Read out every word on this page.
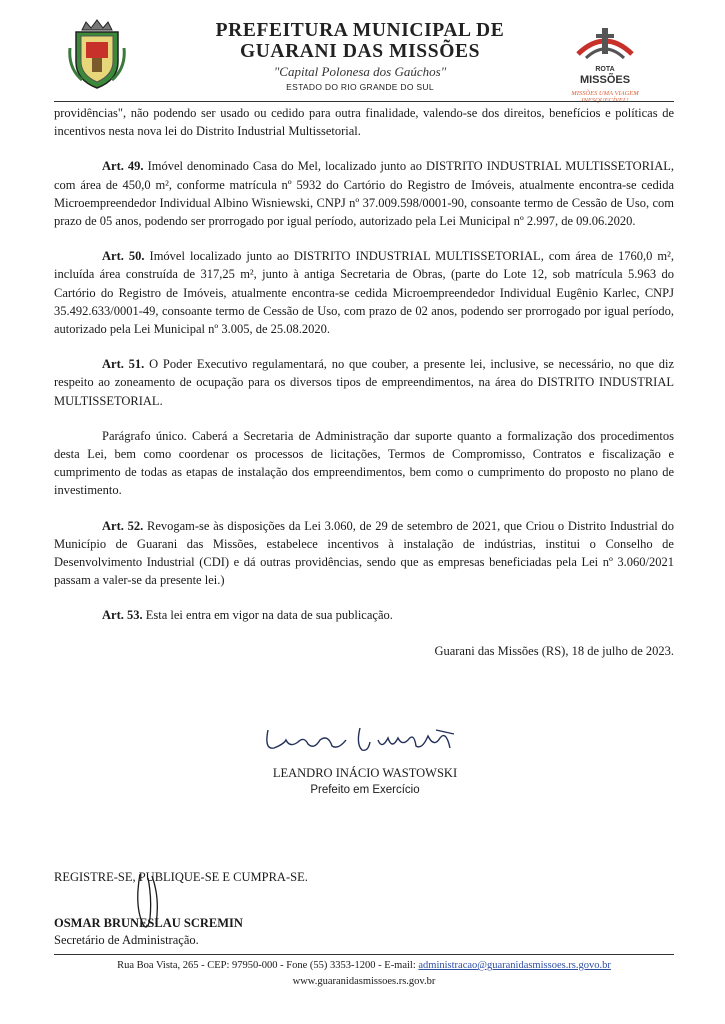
PREFEITURA MUNICIPAL DE
GUARANI DAS MISSÕES
"Capital Polonesa dos Gaúchos"
ESTADO DO RIO GRANDE DO SUL
ROTA
MISSÕES
MISSÕES UMA VIAGEM
INESQUECÍVEL!

providências", não podendo ser usado ou cedido para outra finalidade, valendo-se dos direitos, benefícios e políticas de incentivos nesta nova lei do Distrito Industrial Multissetorial.

Art. 49. Imóvel denominado Casa do Mel, localizado junto ao DISTRITO INDUSTRIAL MULTISSETORIAL, com área de 450,0 m², conforme matrícula nº 5932 do Cartório do Registro de Imóveis, atualmente encontra-se cedida Microempreendedor Individual Albino Wisniewski, CNPJ nº 37.009.598/0001-90, consoante termo de Cessão de Uso, com prazo de 05 anos, podendo ser prorrogado por igual período, autorizado pela Lei Municipal nº 2.997, de 09.06.2020.

Art. 50. Imóvel localizado junto ao DISTRITO INDUSTRIAL MULTISSETORIAL, com área de 1760,0 m², incluída área construída de 317,25 m², junto à antiga Secretaria de Obras, (parte do Lote 12, sob matrícula 5.963 do Cartório do Registro de Imóveis, atualmente encontra-se cedida Microempreendedor Individual Eugênio Karlec, CNPJ 35.492.633/0001-49, consoante termo de Cessão de Uso, com prazo de 02 anos, podendo ser prorrogado por igual período, autorizado pela Lei Municipal nº 3.005, de 25.08.2020.

Art. 51. O Poder Executivo regulamentará, no que couber, a presente lei, inclusive, se necessário, no que diz respeito ao zoneamento de ocupação para os diversos tipos de empreendimentos, na área do DISTRITO INDUSTRIAL MULTISSETORIAL.

Parágrafo único. Caberá a Secretaria de Administração dar suporte quanto a formalização dos procedimentos desta Lei, bem como coordenar os processos de licitações, Termos de Compromisso, Contratos e fiscalização e cumprimento de todas as etapas de instalação dos empreendimentos, bem como o cumprimento do proposto no plano de investimento.

Art. 52. Revogam-se às disposições da Lei 3.060, de 29 de setembro de 2021, que Criou o Distrito Industrial do Município de Guarani das Missões, estabelece incentivos à instalação de indústrias, institui o Conselho de Desenvolvimento Industrial (CDI) e dá outras providências, sendo que as empresas beneficiadas pela Lei nº 3.060/2021 passam a valer-se da presente lei.)

Art. 53. Esta lei entra em vigor na data de sua publicação.

Guarani das Missões (RS), 18 de julho de 2023.

LEANDRO INÁCIO WASTOWSKI
Prefeito em Exercício
REGISTRE-SE, PUBLIQUE-SE E CUMPRA-SE.
OSMAR BRUNESLAU SCREMIN
Secretário de Administração.
Rua Boa Vista, 265 - CEP: 97950-000 - Fone (55) 3353-1200 - E-mail: administracao@guaranidasmissoes.rs.govo.br
www.guaranidasmissoes.rs.gov.br
